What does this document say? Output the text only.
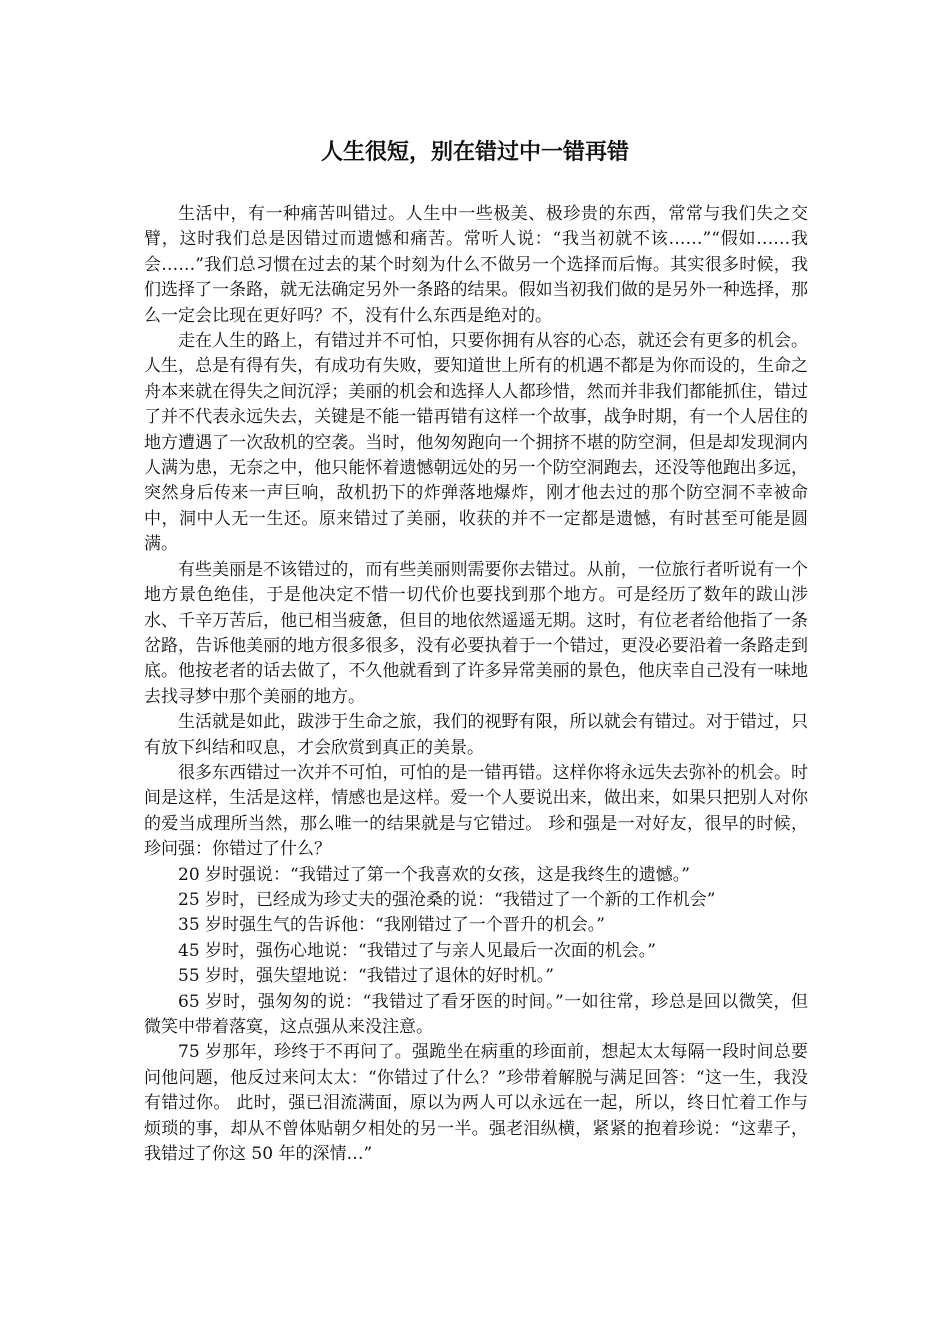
人生很短，别在错过中一错再错

生活中，有一种痛苦叫错过。人生中一些极美、极珍贵的东西，常常与我们失之交臂，这时我们总是因错过而遗憾和痛苦。常听人说：“我当初就不该……”“假如……我会……”我们总习惯在过去的某个时刻为什么不做另一个选择而后悔。其实很多时候，我们选择了一条路，就无法确定另外一条路的结果。假如当初我们做的是另外一种选择，那么一定会比现在更好吗？不，没有什么东西是绝对的。

走在人生的路上，有错过并不可怕，只要你拥有从容的心态，就还会有更多的机会。人生，总是有得有失，有成功有失败，要知道世上所有的机遇不都是为你而设的，生命之舟本来就在得失之间沉浮；美丽的机会和选择人人都珍惜，然而并非我们都能抓住，错过了并不代表永远失去，关键是不能一错再错有这样一个故事，战争时期，有一个人居住的地方遭遇了一次敌机的空袭。当时，他匆匆跑向一个拥挤不堪的防空洞，但是却发现洞内人满为患，无奈之中，他只能怀着遗憾朝远处的另一个防空洞跑去，还没等他跑出多远，突然身后传来一声巨响，敌机扔下的炸弹落地爆炸，刚才他去过的那个防空洞不幸被命中，洞中人无一生还。原来错过了美丽，收获的并不一定都是遗憾，有时甚至可能是圆满。

有些美丽是不该错过的，而有些美丽则需要你去错过。从前，一位旅行者听说有一个地方景色绝佳，于是他决定不惜一切代价也要找到那个地方。可是经历了数年的跋山涉水、千辛万苦后，他已相当疲惫，但目的地依然遥遥无期。这时，有位老者给他指了一条岔路，告诉他美丽的地方很多很多，没有必要执着于一个错过，更没必要沿着一条路走到底。他按老者的话去做了，不久他就看到了许多异常美丽的景色，他庆幸自己没有一味地去找寻梦中那个美丽的地方。

生活就是如此，跋涉于生命之旅，我们的视野有限，所以就会有错过。对于错过，只有放下纠结和叹息，才会欣赏到真正的美景。

很多东西错过一次并不可怕，可怕的是一错再错。这样你将永远失去弥补的机会。时间是这样，生活是这样，情感也是这样。爱一个人要说出来，做出来，如果只把别人对你的爱当成理所当然，那么唯一的结果就是与它错过。 珍和强是一对好友，很早的时候，珍问强：你错过了什么？

20 岁时强说：“我错过了第一个我喜欢的女孩，这是我终生的遗憾。”

25 岁时，已经成为珍丈夫的强沧桑的说：“我错过了一个新的工作机会”

35 岁时强生气的告诉他：“我刚错过了一个晋升的机会。”

45 岁时，强伤心地说：“我错过了与亲人见最后一次面的机会。”

55 岁时，强失望地说：“我错过了退休的好时机。”

65 岁时，强匆匆的说：“我错过了看牙医的时间。”一如往常，珍总是回以微笑，但微笑中带着落寞，这点强从来没注意。

75 岁那年，珍终于不再问了。强跪坐在病重的珍面前，想起太太每隔一段时间总要问他问题，他反过来问太太：“你错过了什么？”珍带着解脱与满足回答：“这一生，我没有错过你。 此时，强已泪流满面，原以为两人可以永远在一起，所以，终日忙着工作与烦琐的事，却从不曾体贴朝夕相处的另一半。强老泪纵横，紧紧的抱着珍说：“这辈子，我错过了你这 50 年的深情…”
